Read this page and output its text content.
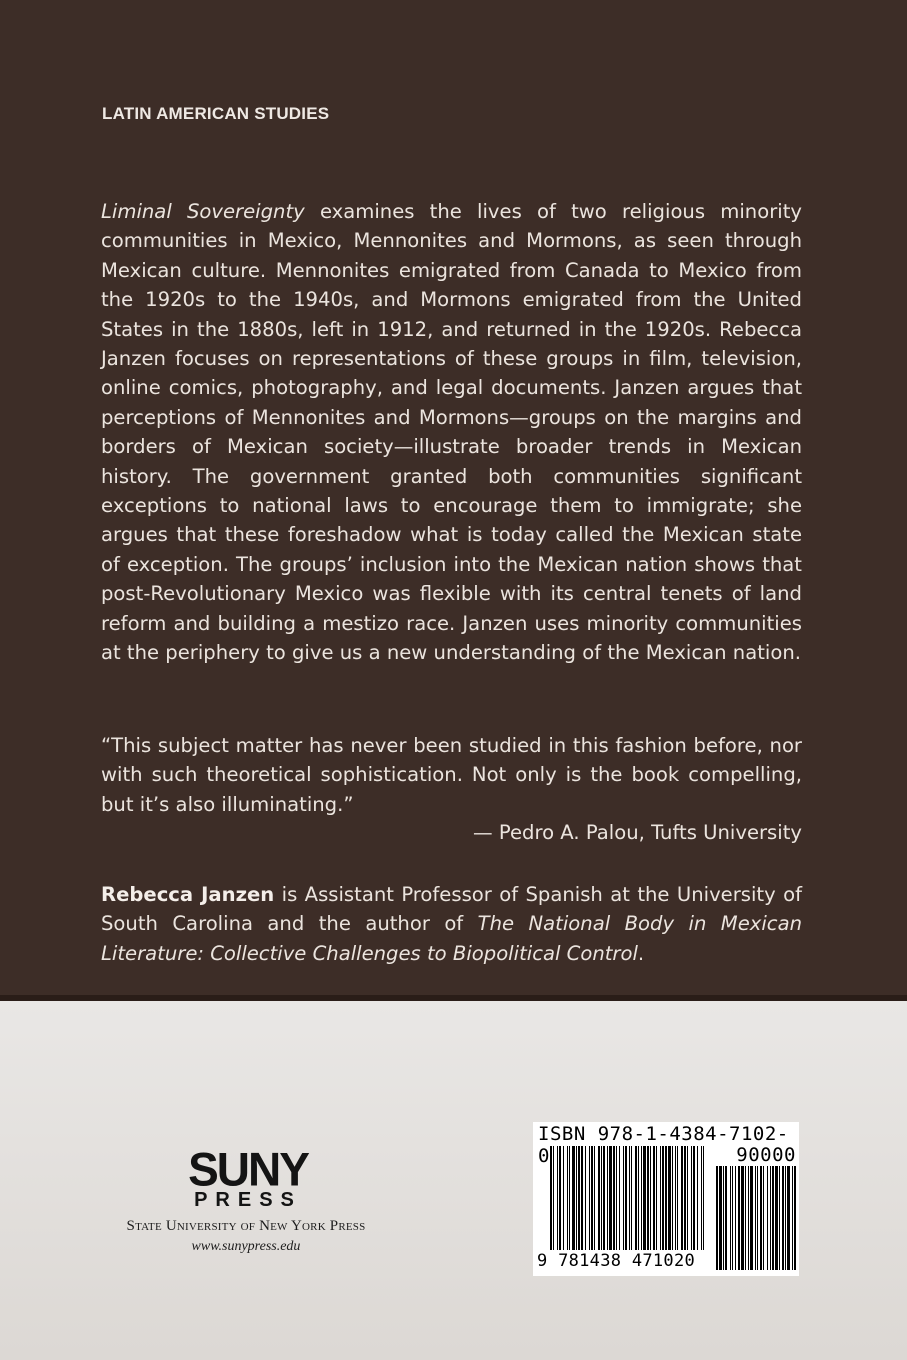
LATIN AMERICAN STUDIES

Liminal Sovereignty examines the lives of two religious minority communities in Mexico, Mennonites and Mormons, as seen through Mexican culture. Mennonites emigrated from Canada to Mexico from the 1920s to the 1940s, and Mormons emigrated from the United States in the 1880s, left in 1912, and returned in the 1920s. Rebecca Janzen focuses on representations of these groups in film, television, online comics, photography, and legal documents. Janzen argues that perceptions of Mennonites and Mormons—groups on the margins and borders of Mexican society—illustrate broader trends in Mexican history. The government granted both communities significant exceptions to national laws to encourage them to immigrate; she argues that these foreshadow what is today called the Mexican state of exception. The groups’ inclusion into the Mexican nation shows that post-Revolutionary Mexico was flexible with its central tenets of land reform and building a mestizo race. Janzen uses minority communities at the periphery to give us a new understanding of the Mexican nation.

“This subject matter has never been studied in this fashion before, nor with such theoretical sophistication. Not only is the book compelling, but it’s also illuminating.”

— Pedro A. Palou, Tufts University

Rebecca Janzen is Assistant Professor of Spanish at the University of South Carolina and the author of The National Body in Mexican Literature: Collective Challenges to Biopolitical Control.

SUNY
PRESS
State University of New York Press
www.sunypress.edu
ISBN 978-1-4384-7102-0	90000
9 781438 471020
